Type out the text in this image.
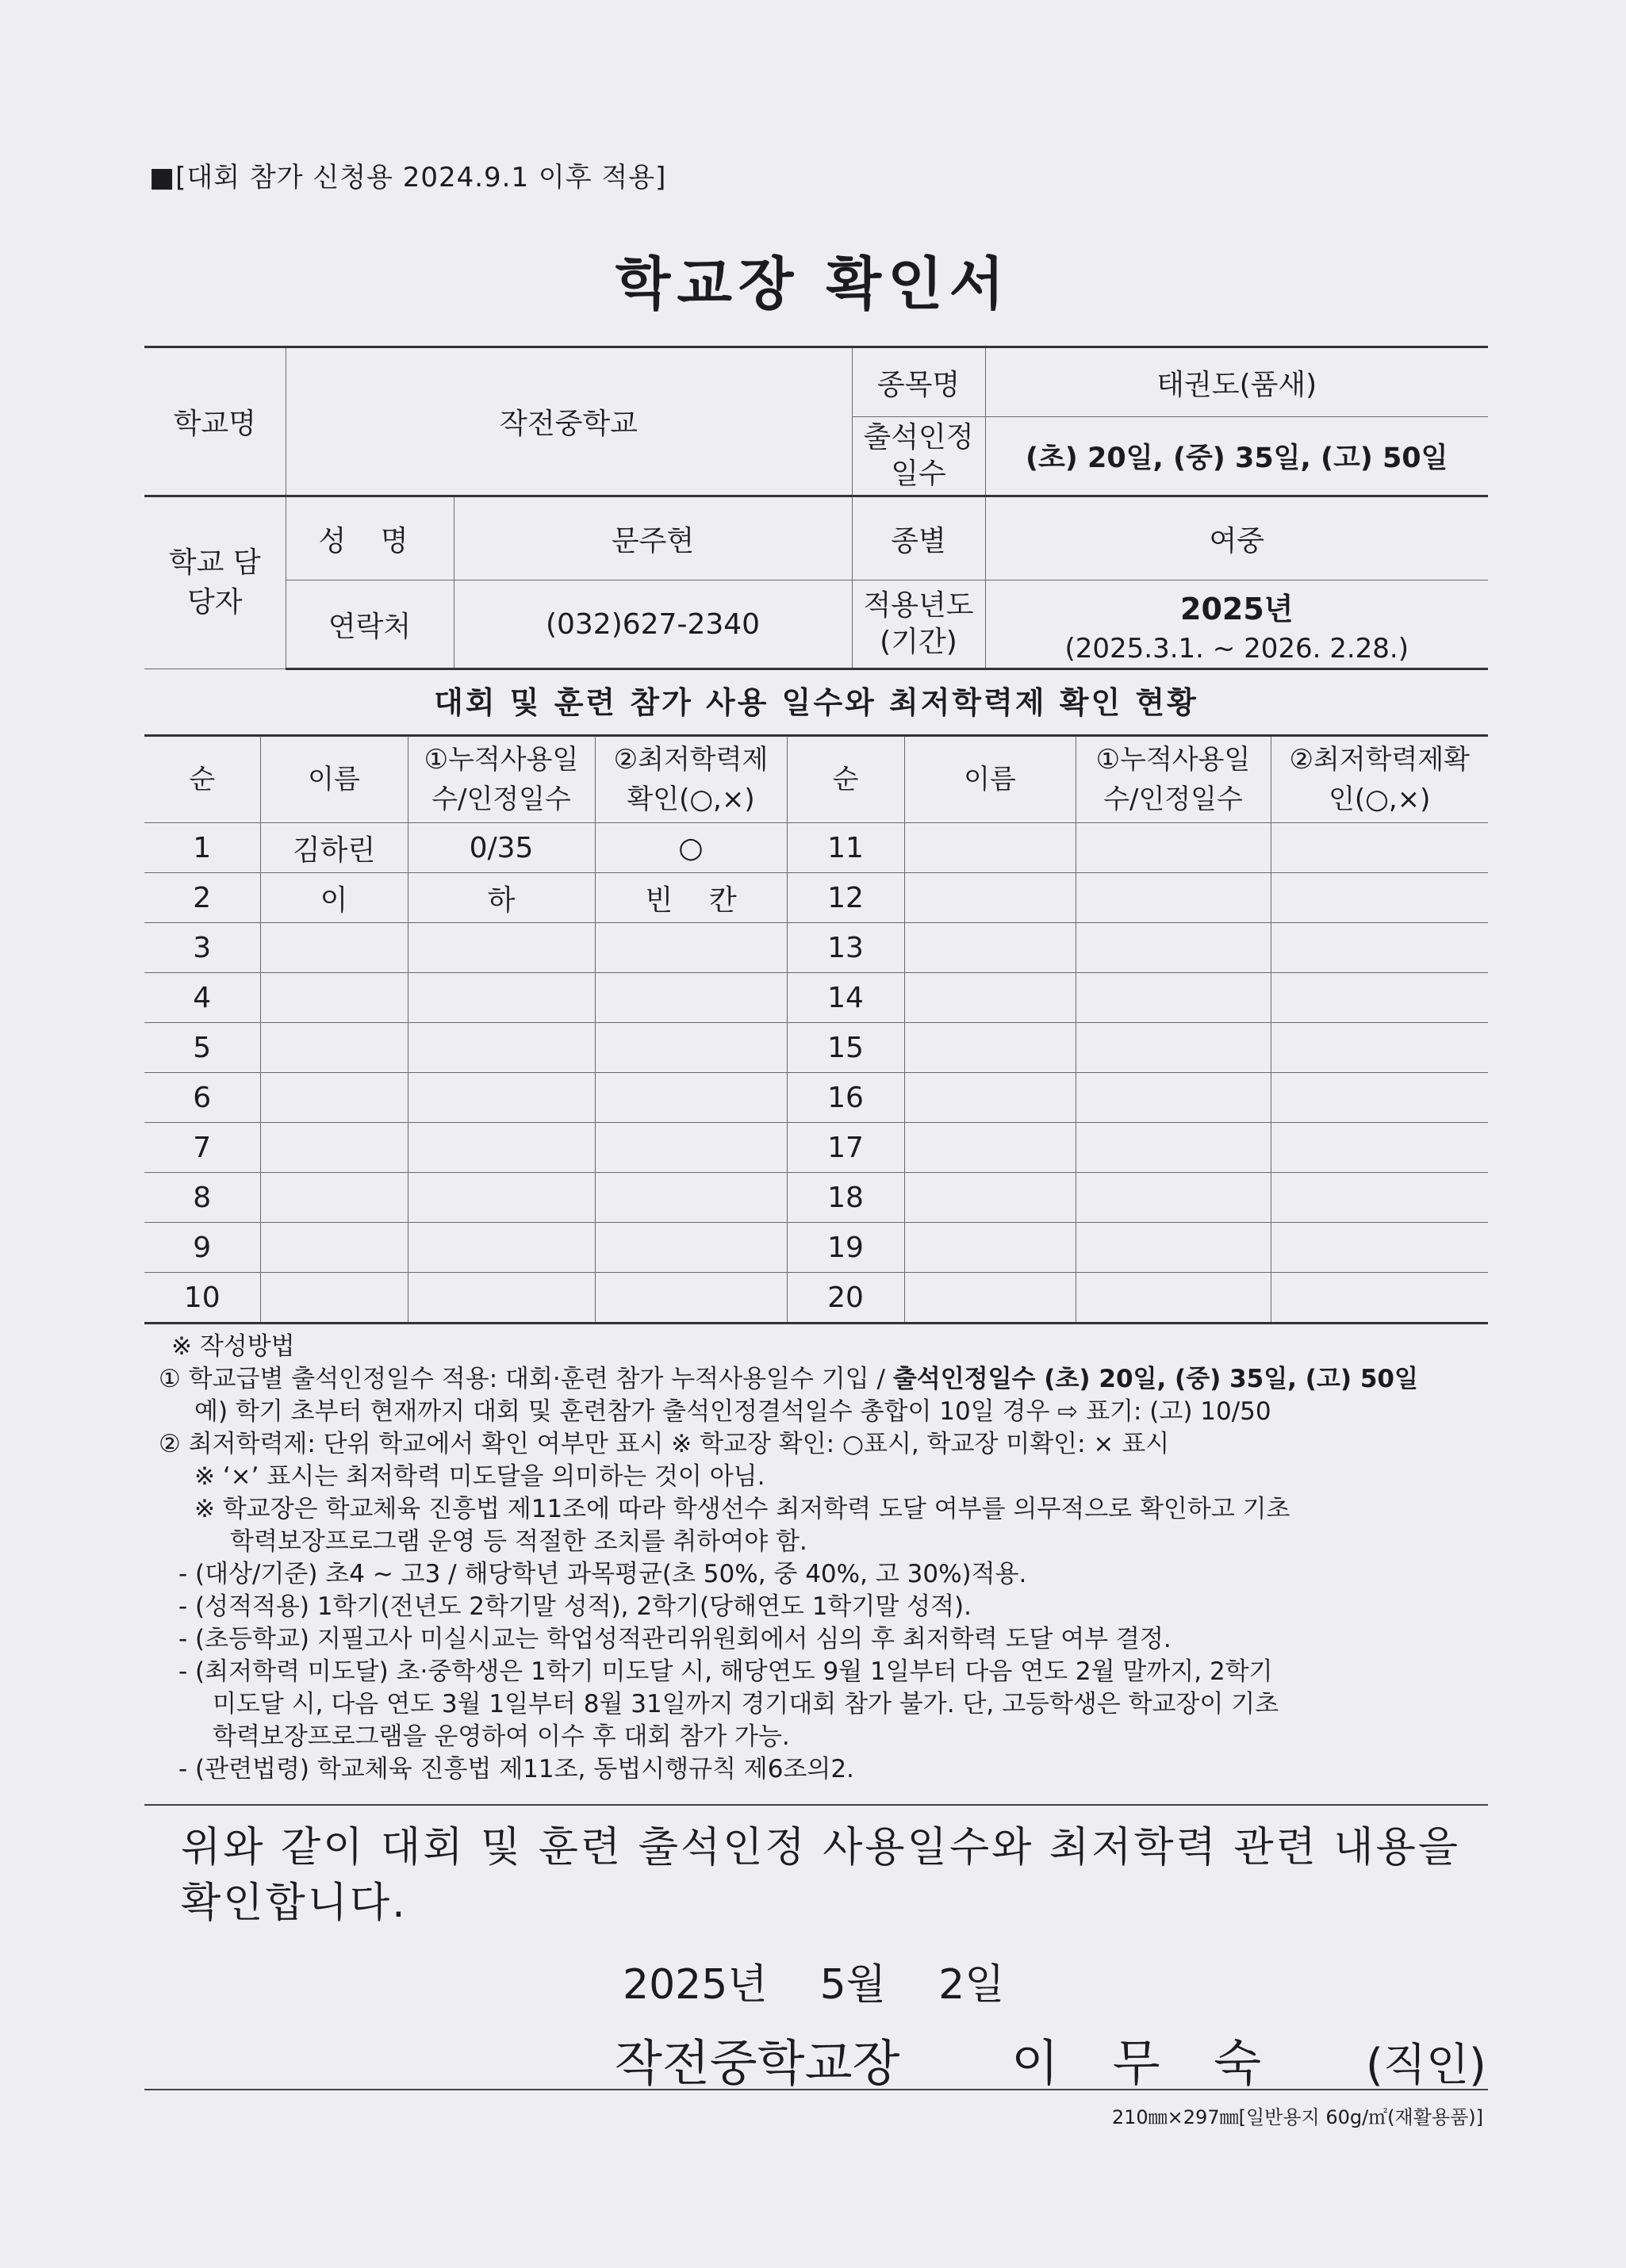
■[대회 참가 신청용 2024.9.1 이후 적용]
학교장 확인서
학교명	작전중학교		종목명	태권도(품새)
			출석인정 일수	(초) 20일, (중) 35일, (고) 50일
학교 담당자	성 명	문주현	종별	여중
	연락처	(032)627-2340	적용년도 (기간)	2025년
(2025.3.1. ~ 2026. 2.28.)
대회 및 훈련 참가 사용 일수와 최저학력제 확인 현황
순	이름	①누적사용일수/인정일수	②최저학력제확인(○,×)	순	이름	①누적사용일수/인정일수	②최저학력제확인(○,×)
1	김하린	0/35	○	11			
2	이	하	빈    칸	12			
3				13			
4				14			
5				15			
6				16			
7				17			
8				18			
9				19			
10				20			

※ 작성방법

① 학교급별 출석인정일수 적용: 대회·훈련 참가 누적사용일수 기입 / 출석인정일수 (초) 20일, (중) 35일, (고) 50일

예) 학기 초부터 현재까지 대회 및 훈련참가 출석인정결석일수 총합이 10일 경우 ⇨ 표기: (고) 10/50

② 최저학력제: 단위 학교에서 확인 여부만 표시 ※ 학교장 확인: ○표시, 학교장 미확인: × 표시

※ ‘×’ 표시는 최저학력 미도달을 의미하는 것이 아님.

※ 학교장은 학교체육 진흥법 제11조에 따라 학생선수 최저학력 도달 여부를 의무적으로 확인하고 기초

학력보장프로그램 운영 등 적절한 조치를 취하여야 함.

- (대상/기준) 초4 ~ 고3 / 해당학년 과목평균(초 50%, 중 40%, 고 30%)적용.

- (성적적용) 1학기(전년도 2학기말 성적), 2학기(당해연도 1학기말 성적).

- (초등학교) 지필고사 미실시교는 학업성적관리위원회에서 심의 후 최저학력 도달 여부 결정.

- (최저학력 미도달) 초·중학생은 1학기 미도달 시, 해당연도 9월 1일부터 다음 연도 2월 말까지, 2학기

미도달 시, 다음 연도 3월 1일부터 8월 31일까지 경기대회 참가 불가. 단, 고등학생은 학교장이 기초

학력보장프로그램을 운영하여 이수 후 대회 참가 가능.

- (관련법령) 학교체육 진흥법 제11조, 동법시행규칙 제6조의2.

위와 같이 대회 및 훈련 출석인정 사용일수와 최저학력 관련 내용을
확인합니다.
2025년    5월    2일
작전중학교장 이 무 숙 (직인)
210㎜×297㎜[일반용지 60g/㎡(재활용품)]
